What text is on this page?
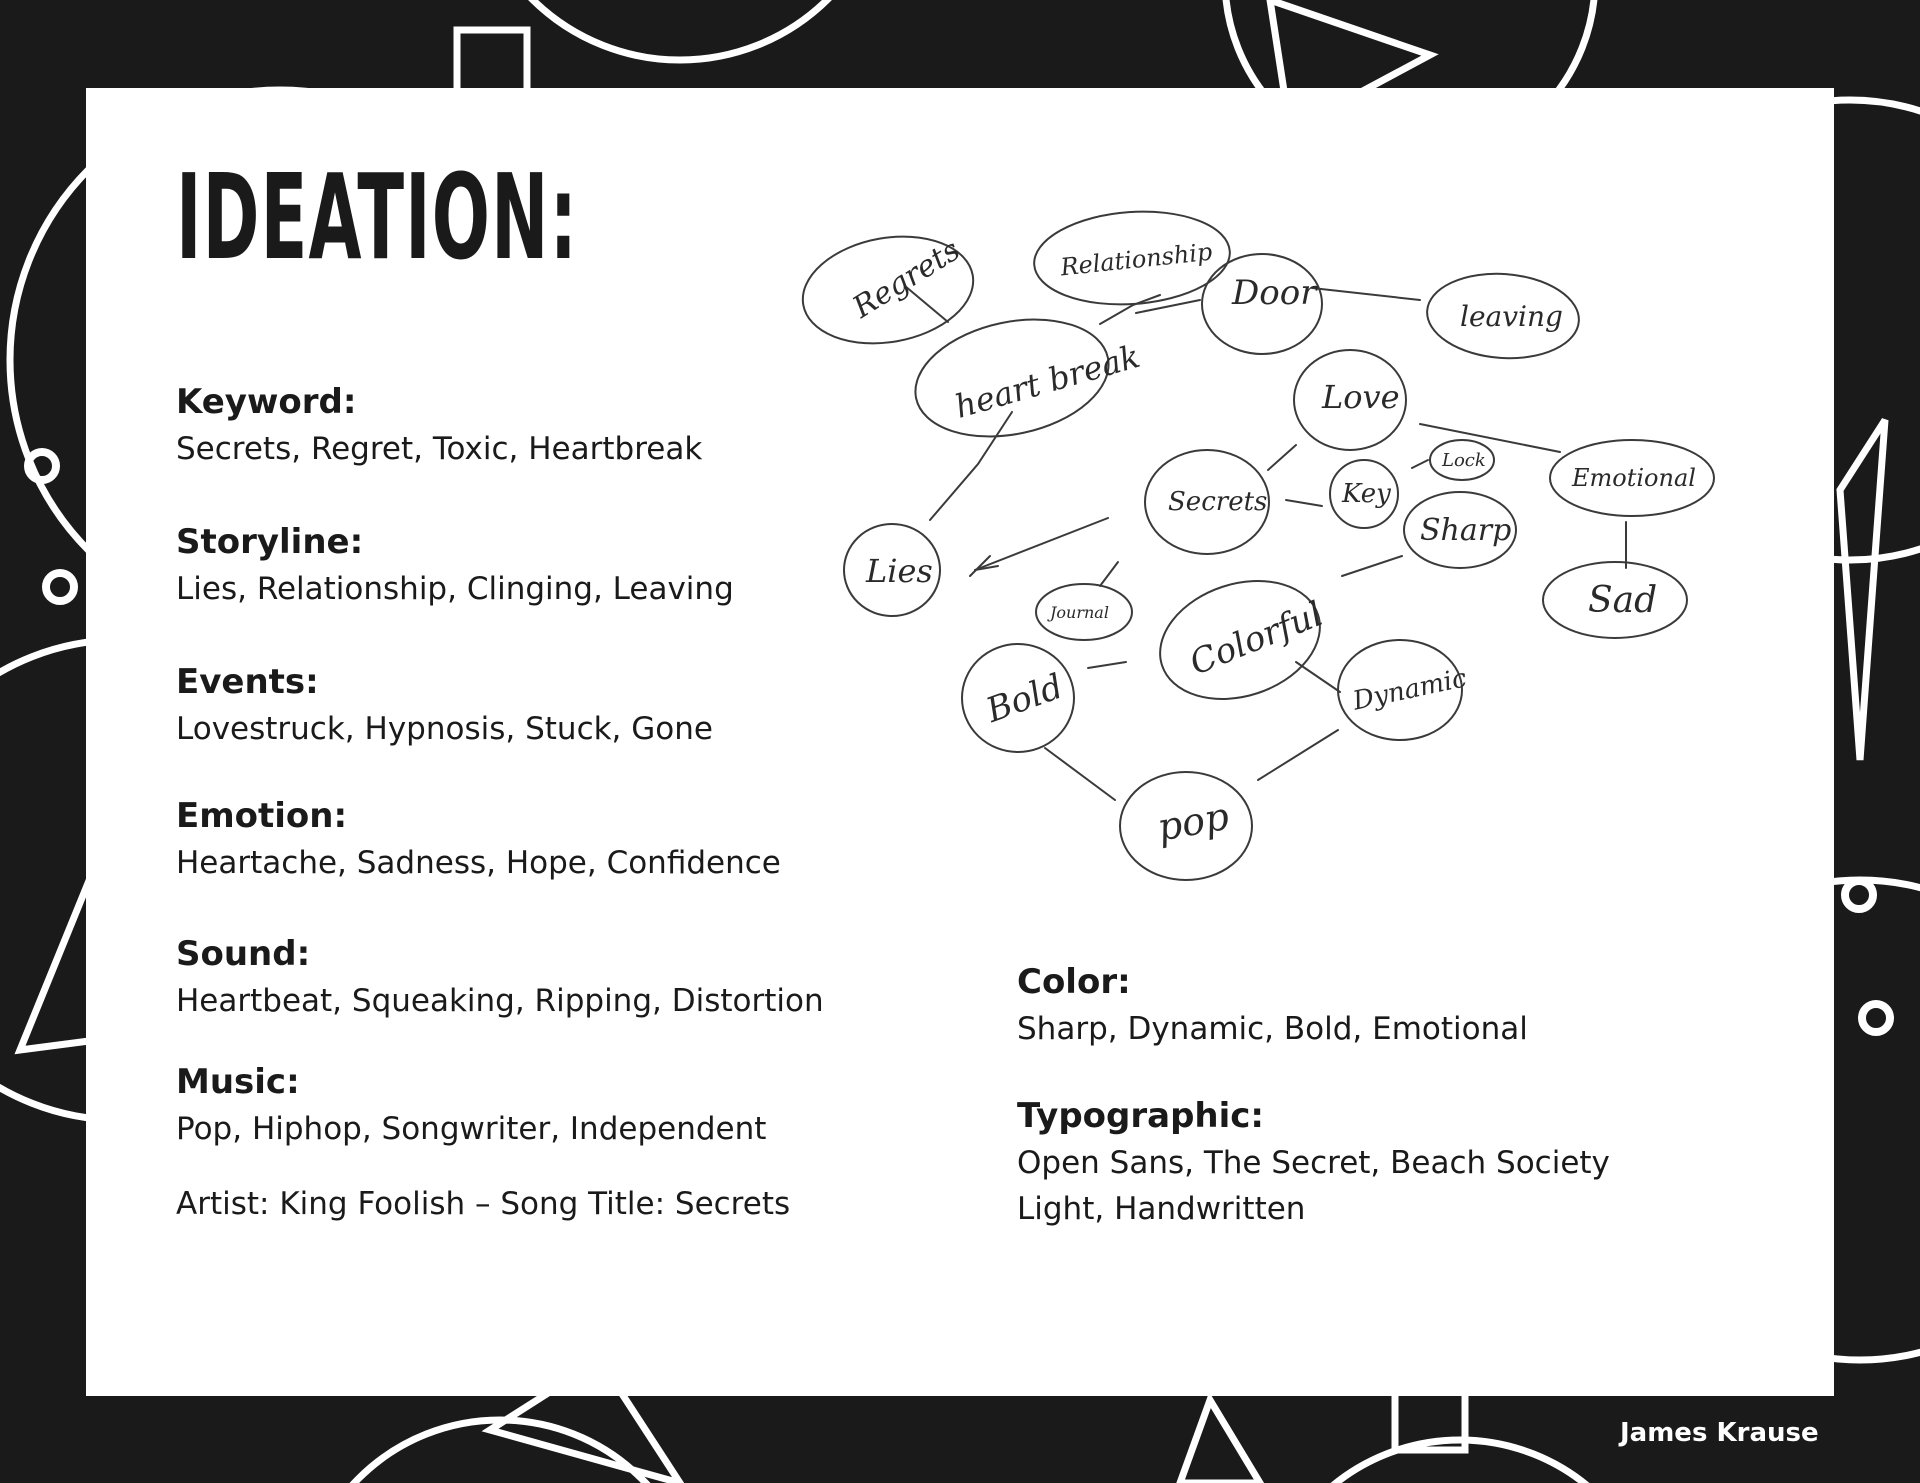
IDEATION:
Keyword:
Secrets, Regret, Toxic, Heartbreak
Storyline:
Lies, Relationship, Clinging, Leaving
Events:
Lovestruck, Hypnosis, Stuck, Gone
Emotion:
Heartache, Sadness, Hope, Confidence
Sound:
Heartbeat, Squeaking, Ripping, Distortion
Music:
Pop, Hiphop, Songwriter, Independent
Artist: King Foolish – Song Title: Secrets
Color:
Sharp, Dynamic, Bold, Emotional
Typographic:
Open Sans, The Secret, Beach Society
Light, Handwritten
Regrets	Relationship
Door
leaving
heart break	Love
Secrets	Key
Lock
Emotional
Sharp
Lies
Journal Colorful	Sad
Bold	Dynamic
pop
James Krause
